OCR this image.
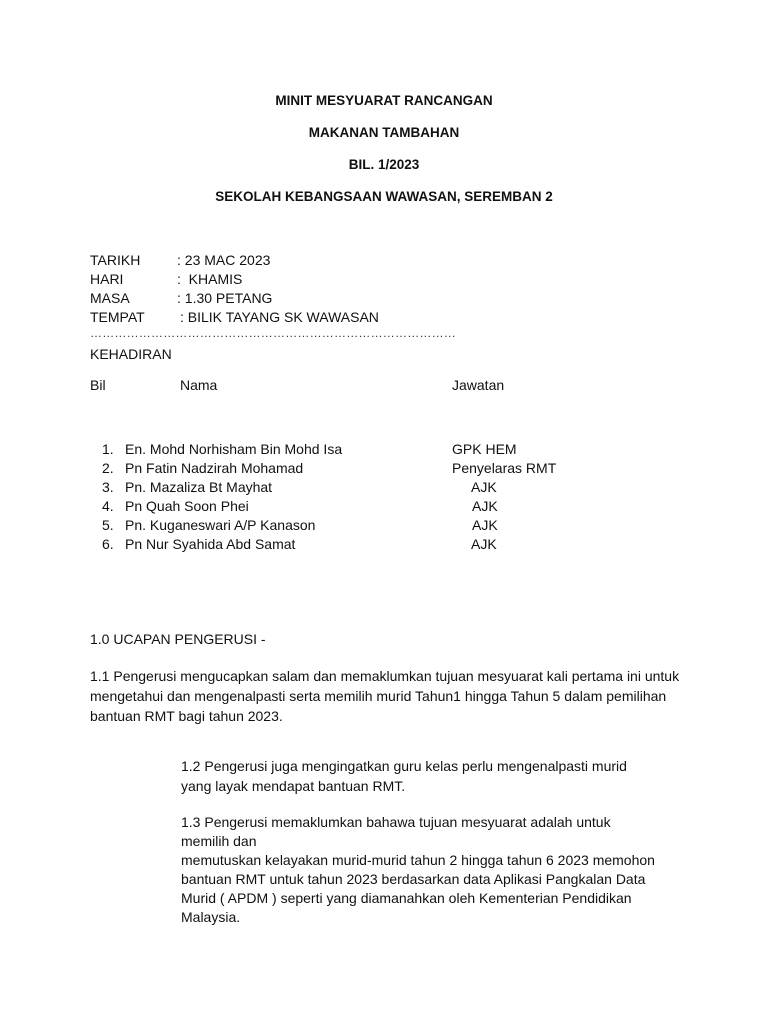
MINIT MESYUARAT RANCANGAN
MAKANAN TAMBAHAN
BIL. 1/2023
SEKOLAH KEBANGSAAN WAWASAN, SEREMBAN 2
TARIKH	: 23 MAC 2023
HARI	:  KHAMIS
MASA	: 1.30 PETANG
TEMPAT	: BILIK TAYANG SK WAWASAN
………………………………………………………………………………
KEHADIRAN
Bil	Nama	Jawatan
1. En. Mohd Norhisham Bin Mohd Isa	GPK HEM
2. Pn Fatin Nadzirah Mohamad	Penyelaras RMT
3. Pn. Mazaliza Bt Mayhat	AJK
4. Pn Quah Soon Phei	AJK
5. Pn. Kuganeswari A/P Kanason	AJK
6. Pn Nur Syahida Abd Samat	AJK
1.0 UCAPAN PENGERUSI -
1.1 Pengerusi mengucapkan salam dan memaklumkan tujuan mesyuarat kali pertama ini untuk mengetahui dan mengenalpasti serta memilih murid Tahun1 hingga Tahun 5 dalam pemilihan bantuan RMT bagi tahun 2023.
1.2 Pengerusi juga mengingatkan guru kelas perlu mengenalpasti murid yang layak mendapat bantuan RMT.
1.3 Pengerusi memaklumkan bahawa tujuan mesyuarat adalah untuk memilih dan
memutuskan kelayakan murid-murid tahun 2 hingga tahun 6 2023 memohon bantuan RMT untuk tahun 2023 berdasarkan data Aplikasi Pangkalan Data Murid ( APDM ) seperti yang diamanahkan oleh Kementerian Pendidikan Malaysia.
